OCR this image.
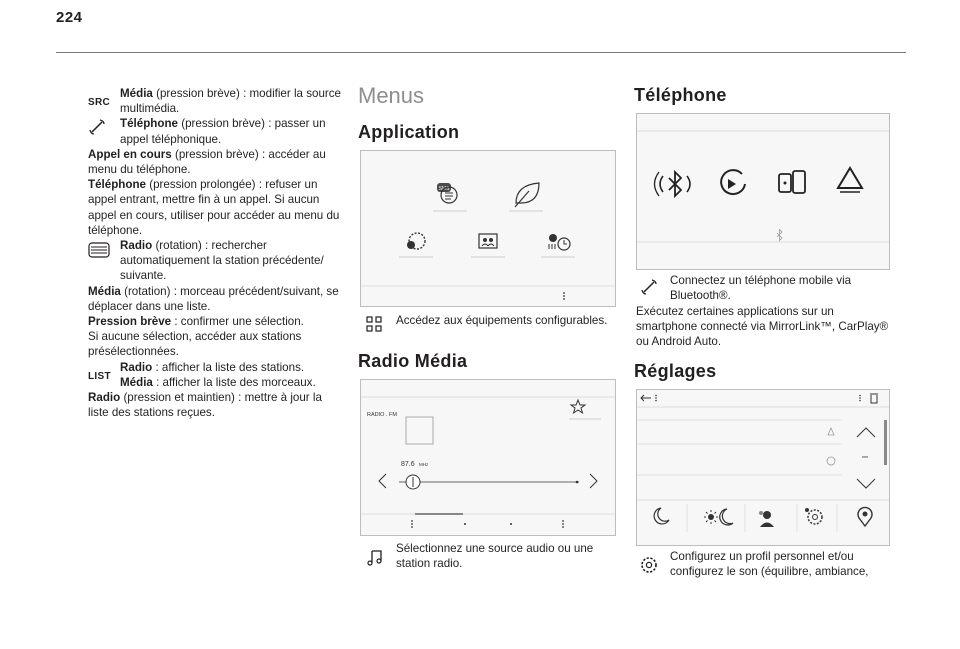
224
SRC
Média (pression brève) : modifier la source multimédia.
Téléphone (pression brève) : passer un appel téléphonique.
Appel en cours (pression brève) : accéder au menu du téléphone.
Téléphone (pression prolongée) : refuser un appel entrant, mettre fin à un appel. Si aucun appel en cours, utiliser pour accéder au menu du téléphone.
Radio (rotation) : rechercher automatiquement la station précédente/ suivante.
Média (rotation) : morceau précédent/suivant, se déplacer dans une liste.
Pression brève : confirmer une sélection.
Si aucune sélection, accéder aux stations présélectionnées.
LIST
Radio : afficher la liste des stations.
Média : afficher la liste des morceaux.
Radio (pression et maintien) : mettre à jour la liste des stations reçues.
Menus
Application
SMS
Accédez aux équipements configurables.
Radio Média
RADIO . FM
87.6 MHz
Sélectionnez une source audio ou une station radio.
Téléphone
Connectez un téléphone mobile via Bluetooth®.
Exécutez certaines applications sur un smartphone connecté via MirrorLink™, CarPlay® ou Android Auto.
Réglages
Configurez un profil personnel et/ou configurez le son (équilibre, ambiance,
